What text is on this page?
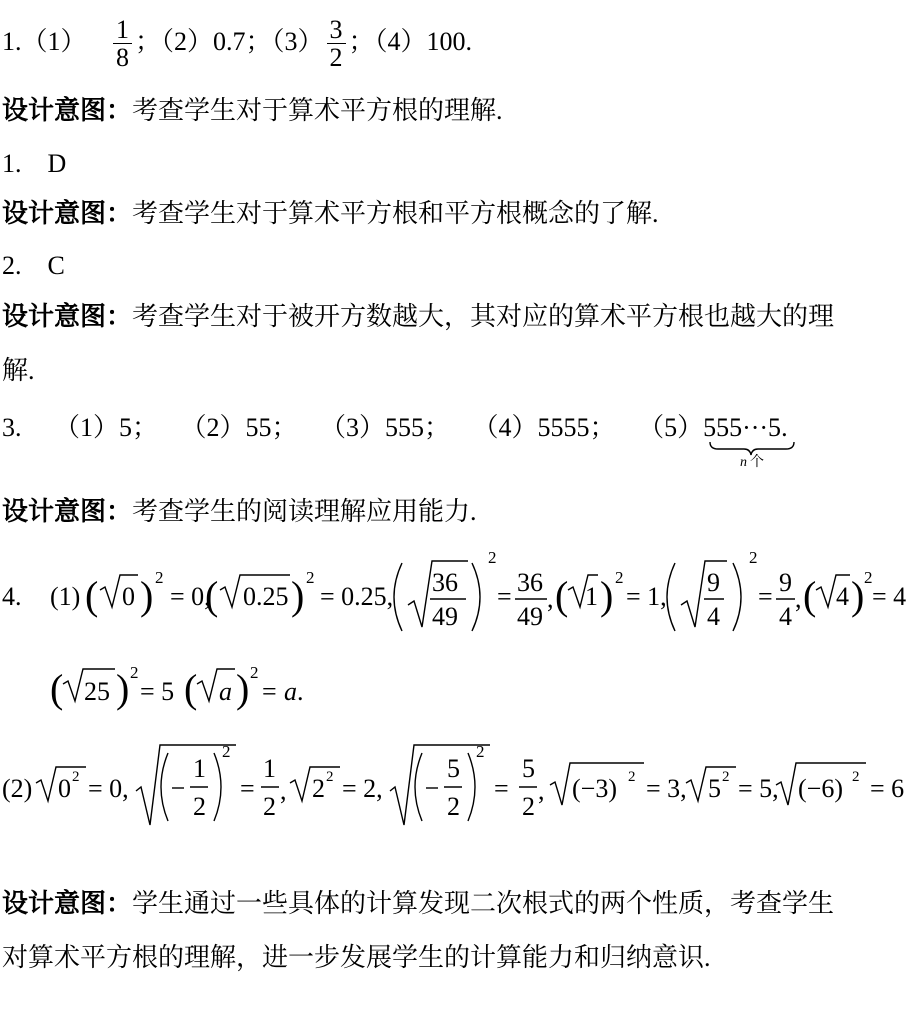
$1.(1) \frac{1}{8}$ ；（2）0.7；$(3) \frac{3}{2}$ ；（4）100.
设计意图：考查学生对于算术平方根的理解.
1.　D
设计意图：考查学生对于算术平方根和平方根概念的了解.
2.　C
设计意图：考查学生对于被开方数越大，其对应的算术平方根也越大的理
解.
3. （1）5； （2）55； （3）555； （4）5555； （5）555···5.
n 个
设计意图：考查学生的阅读理解应用能力.
4. (1) ( 0 ) 2
= 0,
( 0.25 ) 2
= 0.25, 36
49
2
= 36
49
, ( 1 ) 2
= 1, 9
4
2
= 9
4
, ( 4 ) 2
= 4
( 25 ) 2
= 5 ( a ) 2
= a .
(2) 0 2 = 0,
1
2
2
=
1
2
, 2 2 = 2,
5
2
2
=
5
2
, (−3) 2 = 3, 5 2 = 5, (−6) 2 = 6
设计意图：学生通过一些具体的计算发现二次根式的两个性质，考查学生
对算术平方根的理解，进一步发展学生的计算能力和归纳意识.
